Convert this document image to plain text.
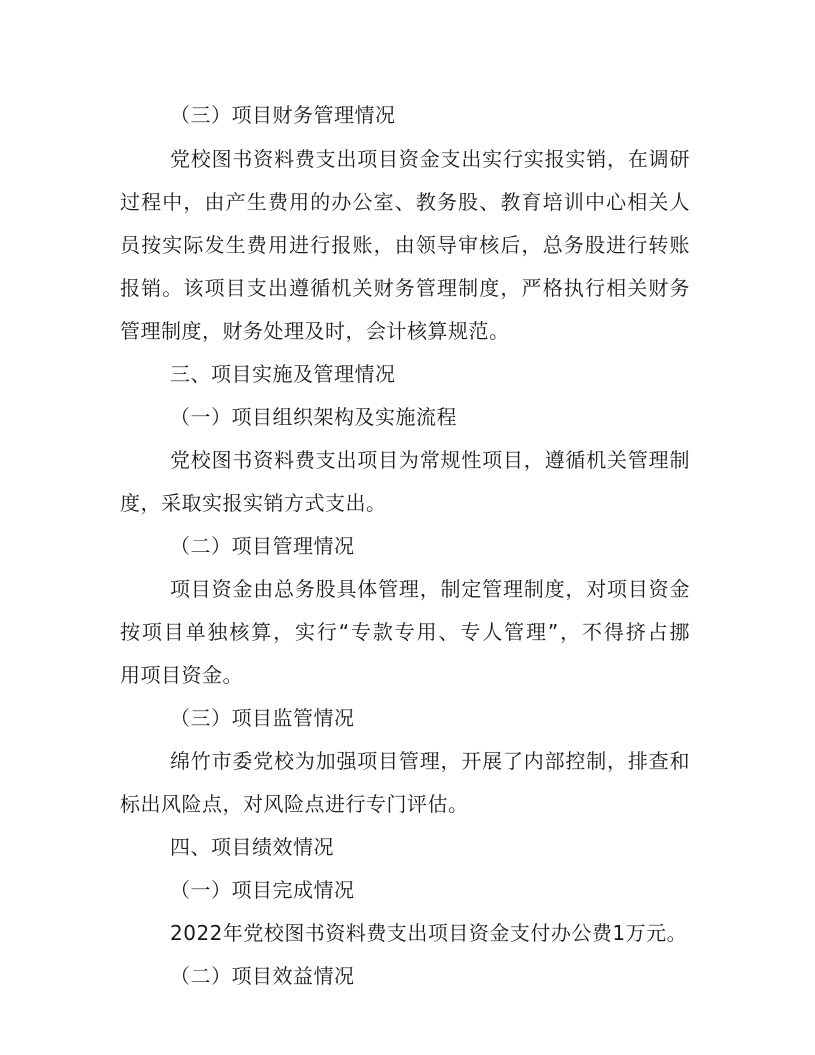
（三）项目财务管理情况
党校图书资料费支出项目资金支出实行实报实销，在调研
过程中，由产生费用的办公室、教务股、教育培训中心相关人
员按实际发生费用进行报账，由领导审核后，总务股进行转账
报销。该项目支出遵循机关财务管理制度，严格执行相关财务
管理制度，财务处理及时，会计核算规范。
三、项目实施及管理情况
（一）项目组织架构及实施流程
党校图书资料费支出项目为常规性项目，遵循机关管理制
度，采取实报实销方式支出。
（二）项目管理情况
项目资金由总务股具体管理，制定管理制度，对项目资金
按项目单独核算，实行“专款专用、专人管理”，不得挤占挪
用项目资金。
（三）项目监管情况
绵竹市委党校为加强项目管理，开展了内部控制，排查和
标出风险点，对风险点进行专门评估。
四、项目绩效情况
（一）项目完成情况
2022年党校图书资料费支出项目资金支付办公费1万元。
（二）项目效益情况
